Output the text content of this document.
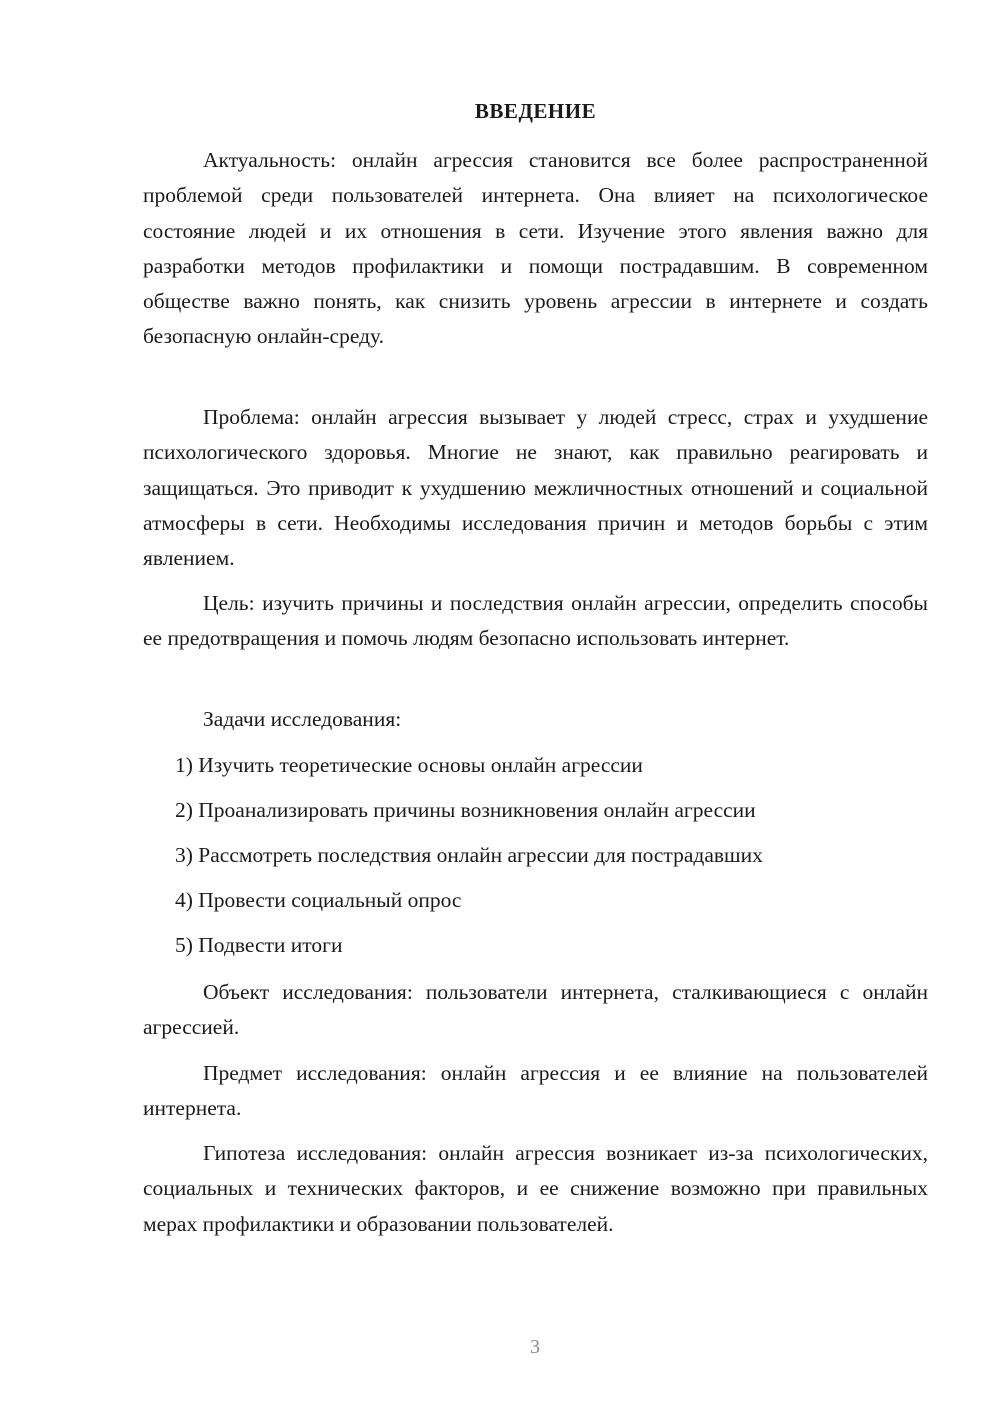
ВВЕДЕНИЕ

Актуальность: онлайн агрессия становится все более распространенной проблемой среди пользователей интернета. Она влияет на психологическое состояние людей и их отношения в сети. Изучение этого явления важно для разработки методов профилактики и помощи пострадавшим. В современном обществе важно понять, как снизить уровень агрессии в интернете и создать безопасную онлайн-среду.

Проблема: онлайн агрессия вызывает у людей стресс, страх и ухудшение психологического здоровья. Многие не знают, как правильно реагировать и защищаться. Это приводит к ухудшению межличностных отношений и социальной атмосферы в сети. Необходимы исследования причин и методов борьбы с этим явлением.

Цель: изучить причины и последствия онлайн агрессии, определить способы ее предотвращения и помочь людям безопасно использовать интернет.

Задачи исследования:
1) Изучить теоретические основы онлайн агрессии
2) Проанализировать причины возникновения онлайн агрессии
3) Рассмотреть последствия онлайн агрессии для пострадавших
4) Провести социальный опрос
5) Подвести итоги

Объект исследования: пользователи интернета, сталкивающиеся с онлайн агрессией.

Предмет исследования: онлайн агрессия и ее влияние на пользователей интернета.

Гипотеза исследования: онлайн агрессия возникает из-за психологических, социальных и технических факторов, и ее снижение возможно при правильных мерах профилактики и образовании пользователей.

3
